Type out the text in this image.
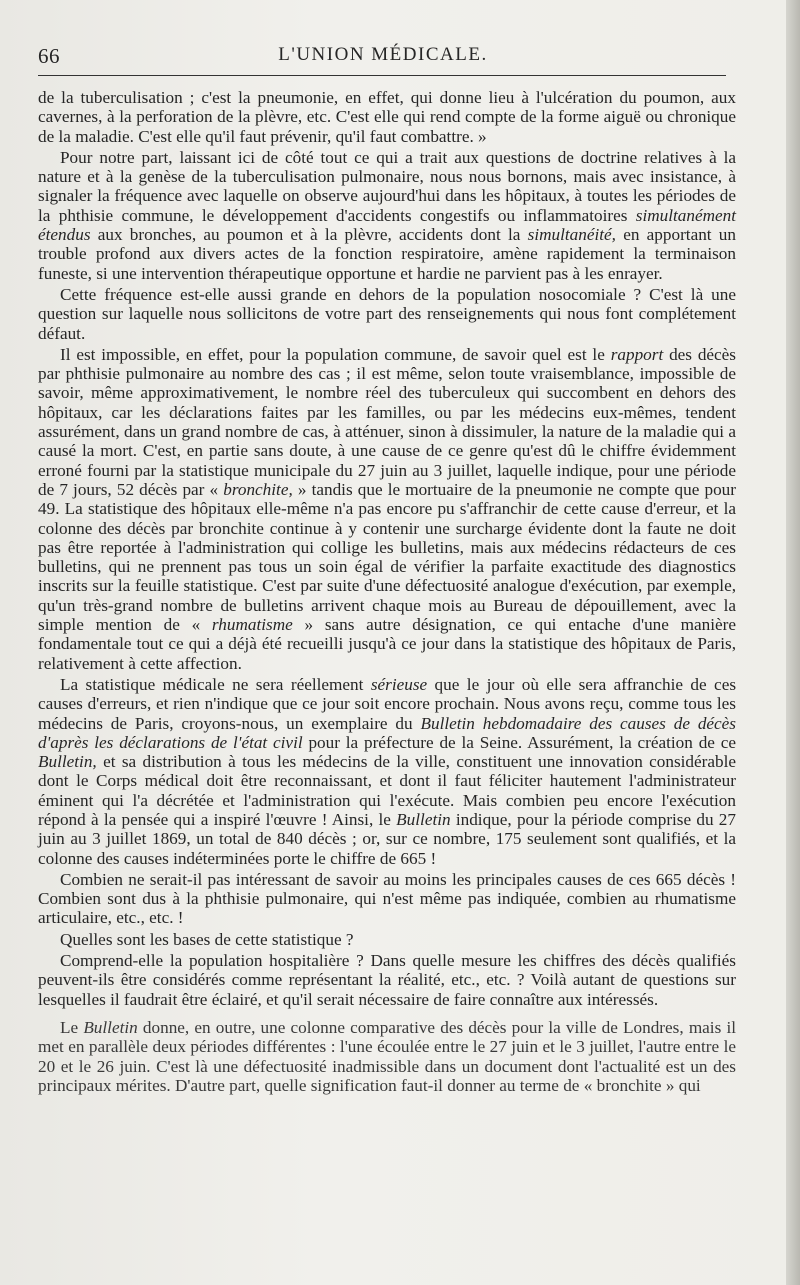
66	L'UNION MÉDICALE.

de la tuberculisation ; c'est la pneumonie, en effet, qui donne lieu à l'ulcération du poumon, aux cavernes, à la perforation de la plèvre, etc. C'est elle qui rend compte de la forme aiguë ou chronique de la maladie. C'est elle qu'il faut prévenir, qu'il faut combattre. »

Pour notre part, laissant ici de côté tout ce qui a trait aux questions de doctrine relatives à la nature et à la genèse de la tuberculisation pulmonaire, nous nous bornons, mais avec insistance, à signaler la fréquence avec laquelle on observe aujourd'hui dans les hôpitaux, à toutes les périodes de la phthisie commune, le développement d'accidents congestifs ou inflammatoires simultanément étendus aux bronches, au poumon et à la plèvre, accidents dont la simultanéité, en apportant un trouble profond aux divers actes de la fonction respiratoire, amène rapidement la terminaison funeste, si une intervention thérapeutique opportune et hardie ne parvient pas à les enrayer.

Cette fréquence est-elle aussi grande en dehors de la population nosocomiale ? C'est là une question sur laquelle nous sollicitons de votre part des renseignements qui nous font complétement défaut.

Il est impossible, en effet, pour la population commune, de savoir quel est le rapport des décès par phthisie pulmonaire au nombre des cas ; il est même, selon toute vraisemblance, impossible de savoir, même approximativement, le nombre réel des tuberculeux qui succombent en dehors des hôpitaux, car les déclarations faites par les familles, ou par les médecins eux-mêmes, tendent assurément, dans un grand nombre de cas, à atténuer, sinon à dissimuler, la nature de la maladie qui a causé la mort. C'est, en partie sans doute, à une cause de ce genre qu'est dû le chiffre évidemment erroné fourni par la statistique municipale du 27 juin au 3 juillet, laquelle indique, pour une période de 7 jours, 52 décès par « bronchite, » tandis que le mortuaire de la pneumonie ne compte que pour 49. La statistique des hôpitaux elle-même n'a pas encore pu s'affranchir de cette cause d'erreur, et la colonne des décès par bronchite continue à y contenir une surcharge évidente dont la faute ne doit pas être reportée à l'administration qui collige les bulletins, mais aux médecins rédacteurs de ces bulletins, qui ne prennent pas tous un soin égal de vérifier la parfaite exactitude des diagnostics inscrits sur la feuille statistique. C'est par suite d'une défectuosité analogue d'exécution, par exemple, qu'un très-grand nombre de bulletins arrivent chaque mois au Bureau de dépouillement, avec la simple mention de « rhumatisme » sans autre désignation, ce qui entache d'une manière fondamentale tout ce qui a déjà été recueilli jusqu'à ce jour dans la statistique des hôpitaux de Paris, relativement à cette affection.

La statistique médicale ne sera réellement sérieuse que le jour où elle sera affranchie de ces causes d'erreurs, et rien n'indique que ce jour soit encore prochain. Nous avons reçu, comme tous les médecins de Paris, croyons-nous, un exemplaire du Bulletin hebdomadaire des causes de décès d'après les déclarations de l'état civil pour la préfecture de la Seine. Assurément, la création de ce Bulletin, et sa distribution à tous les médecins de la ville, constituent une innovation considérable dont le Corps médical doit être reconnaissant, et dont il faut féliciter hautement l'administrateur éminent qui l'a décrétée et l'administration qui l'exécute. Mais combien peu encore l'exécution répond à la pensée qui a inspiré l'œuvre ! Ainsi, le Bulletin indique, pour la période comprise du 27 juin au 3 juillet 1869, un total de 840 décès ; or, sur ce nombre, 175 seulement sont qualifiés, et la colonne des causes indéterminées porte le chiffre de 665 !

Combien ne serait-il pas intéressant de savoir au moins les principales causes de ces 665 décès ! Combien sont dus à la phthisie pulmonaire, qui n'est même pas indiquée, combien au rhumatisme articulaire, etc., etc. !

Quelles sont les bases de cette statistique ?

Comprend-elle la population hospitalière ? Dans quelle mesure les chiffres des décès qualifiés peuvent-ils être considérés comme représentant la réalité, etc., etc. ? Voilà autant de questions sur lesquelles il faudrait être éclairé, et qu'il serait nécessaire de faire connaître aux intéressés.

Le Bulletin donne, en outre, une colonne comparative des décès pour la ville de Londres, mais il met en parallèle deux périodes différentes : l'une écoulée entre le 27 juin et le 3 juillet, l'autre entre le 20 et le 26 juin. C'est là une défectuosité inadmissible dans un document dont l'actualité est un des principaux mérites. D'autre part, quelle signification faut-il donner au terme de « bronchite » qui
